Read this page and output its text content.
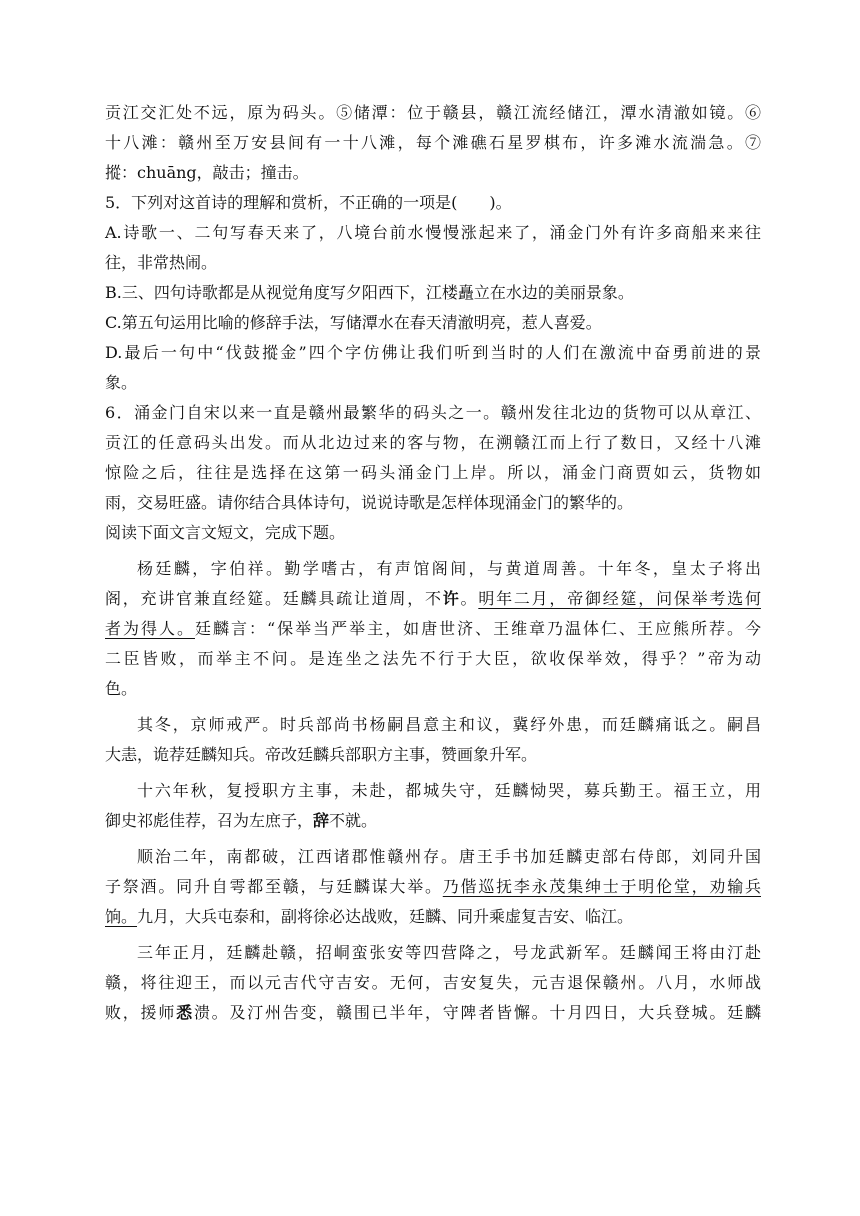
贡江交汇处不远，原为码头。⑤储潭：位于赣县，赣江流经储江，潭水清澈如镜。⑥

十八滩：赣州至万安县间有一十八滩，每个滩礁石星罗棋布，许多滩水流湍急。⑦

摐：chuāng，敲击；撞击。

5．下列对这首诗的理解和赏析，不正确的一项是(　　)。

A.诗歌一、二句写春天来了，八境台前水慢慢涨起来了，涌金门外有许多商船来来往

往，非常热闹。

B.三、四句诗歌都是从视觉角度写夕阳西下，江楼矗立在水边的美丽景象。

C.第五句运用比喻的修辞手法，写储潭水在春天清澈明亮，惹人喜爱。

D.最后一句中“伐鼓摐金”四个字仿佛让我们听到当时的人们在激流中奋勇前进的景

象。

6．涌金门自宋以来一直是赣州最繁华的码头之一。赣州发往北边的货物可以从章江、

贡江的任意码头出发。而从北边过来的客与物，在溯赣江而上行了数日，又经十八滩

惊险之后，往往是选择在这第一码头涌金门上岸。所以，涌金门商贾如云，货物如

雨，交易旺盛。请你结合具体诗句，说说诗歌是怎样体现涌金门的繁华的。

阅读下面文言文短文，完成下题。

杨廷麟，字伯祥。勤学嗜古，有声馆阁间，与黄道周善。十年冬，皇太子将出

阁，充讲官兼直经筵。廷麟具疏让道周，不许。明年二月，帝御经筵，问保举考选何

者为得人。廷麟言：“保举当严举主，如唐世济、王维章乃温体仁、王应熊所荐。今

二臣皆败，而举主不问。是连坐之法先不行于大臣，欲收保举效，得乎？”帝为动

色。

其冬，京师戒严。时兵部尚书杨嗣昌意主和议，冀纾外患，而廷麟痛诋之。嗣昌

大恚，诡荐廷麟知兵。帝改廷麟兵部职方主事，赞画象升军。

十六年秋，复授职方主事，未赴，都城失守，廷麟恸哭，募兵勤王。福王立，用

御史祁彪佳荐，召为左庶子，辞不就。

顺治二年，南都破，江西诸郡惟赣州存。唐王手书加廷麟吏部右侍郎，刘同升国

子祭酒。同升自雩都至赣，与廷麟谋大举。乃偕巡抚李永茂集绅士于明伦堂，劝输兵

饷。九月，大兵屯泰和，副将徐必达战败，廷麟、同升乘虚复吉安、临江。

三年正月，廷麟赴赣，招峒蛮张安等四营降之，号龙武新军。廷麟闻王将由汀赴

赣，将往迎王，而以元吉代守吉安。无何，吉安复失，元吉退保赣州。八月，水师战

败，援师悉溃。及汀州告变，赣围已半年，守陴者皆懈。十月四日，大兵登城。廷麟
